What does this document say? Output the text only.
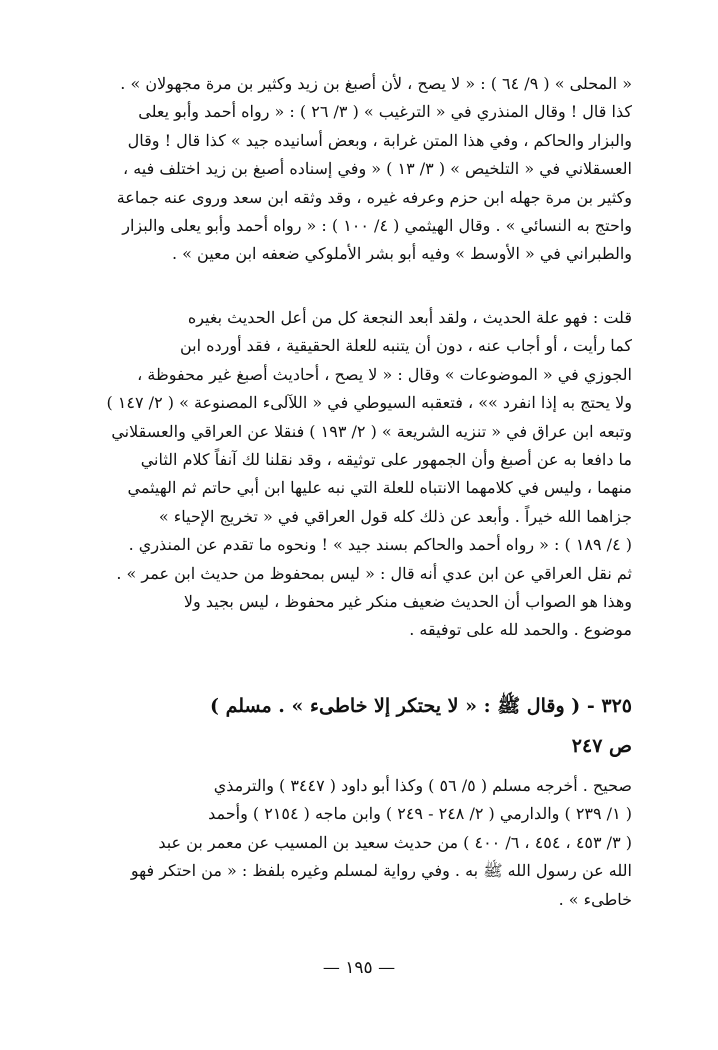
« المحلى » ( ٩/ ٦٤ ) : « لا يصح ، لأن أصبغ بن زيد وكثير بن مرة مجهولان » .
كذا قال ! وقال المنذري في « الترغيب » ( ٣/ ٢٦ ) : « رواه أحمد وأبو يعلى
والبزار والحاكم ، وفي هذا المتن غرابة ، وبعض أسانيده جيد » كذا قال ! وقال
العسقلاني في « التلخيص » ( ٣/ ١٣ ) « وفي إسناده أصبغ بن زيد اختلف فيه ،
وكثير بن مرة جهله ابن حزم وعرفه غيره ، وقد وثقه ابن سعد وروى عنه جماعة
واحتج به النسائي » . وقال الهيثمي ( ٤/ ١٠٠ ) : « رواه أحمد وأبو يعلى والبزار
والطبراني في « الأوسط » وفيه أبو بشر الأملوكي ضعفه ابن معين » .
قلت : فهو علة الحديث ، ولقد أبعد النجعة كل من أعل الحديث بغيره
كما رأيت ، أو أجاب عنه ، دون أن يتنبه للعلة الحقيقية ، فقد أورده ابن
الجوزي في « الموضوعات » وقال : « لا يصح ، أحاديث أصبغ غير محفوظة ،
ولا يحتج به إذا انفرد »» ، فتعقبه السيوطي في « اللآلىء المصنوعة » ( ٢/ ١٤٧ )
وتبعه ابن عراق في « تنزيه الشريعة » ( ٢/ ١٩٣ ) فنقلا عن العراقي والعسقلاني
ما دافعا به عن أصبغ وأن الجمهور على توثيقه ، وقد نقلنا لك آنفاً كلام الثاني
منهما ، وليس في كلامهما الانتباه للعلة التي نبه عليها ابن أبي حاتم ثم الهيثمي
جزاهما الله خيراً . وأبعد عن ذلك كله قول العراقي في « تخريج الإحياء »
( ٤/ ١٨٩ ) : « رواه أحمد والحاكم بسند جيد » ! ونحوه ما تقدم عن المنذري .
ثم نقل العراقي عن ابن عدي أنه قال : « ليس بمحفوظ من حديث ابن عمر » .
وهذا هو الصواب أن الحديث ضعيف منكر غير محفوظ ، ليس بجيد ولا
موضوع . والحمد لله على توفيقه .
٣٢٥ - ( وقال ﷺ : « لا يحتكر إلا خاطىء » . مسلم )
ص ٢٤٧
صحيح . أخرجه مسلم ( ٥/ ٥٦ ) وكذا أبو داود ( ٣٤٤٧ ) والترمذي
( ١/ ٢٣٩ ) والدارمي ( ٢/ ٢٤٨ - ٢٤٩ ) وابن ماجه ( ٢١٥٤ ) وأحمد
( ٣/ ٤٥٣ ، ٤٥٤ ، ٦/ ٤٠٠ ) من حديث سعيد بن المسيب عن معمر بن عبد
الله عن رسول الله ﷺ به . وفي رواية لمسلم وغيره بلفظ : « من احتكر فهو
خاطىء » .
— ١٩٥ —
